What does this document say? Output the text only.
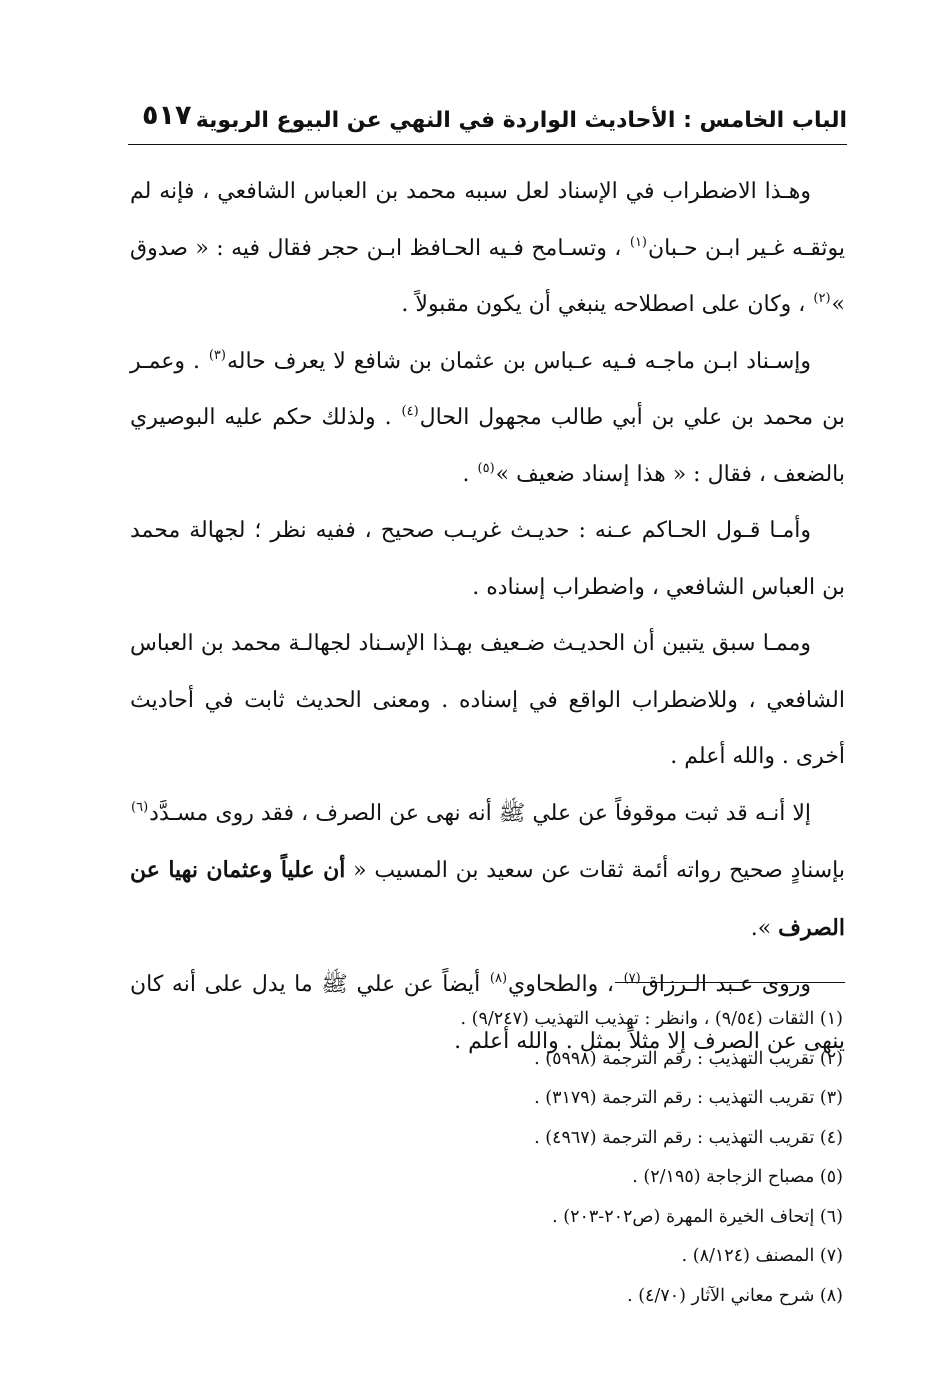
الباب الخامس : الأحاديث الواردة في النهي عن البيوع الربوية
٥١٧

وهـذا الاضطراب في الإسناد لعل سببه محمد بن العباس الشافعي ، فإنه لم يوثقـه غـير ابـن حـبان$^{(١)}$ ، وتسـامح فـيه الحـافظ ابـن حجر فقال فيه : « صدوق »$^{(٢)}$ ، وكان على اصطلاحه ينبغي أن يكون مقبولاً .

وإسـناد ابـن ماجـه فـيه عـباس بن عثمان بن شافع لا يعرف حاله$^{(٣)}$ . وعمـر بن محمد بن علي بن أبي طالب مجهول الحال$^{(٤)}$ . ولذلك حكم عليه البوصيري بالضعف ، فقال : « هذا إسناد ضعيف »$^{(٥)}$ .

وأمـا قـول الحـاكم عـنه : حديـث غريـب صحيح ، ففيه نظر ؛ لجهالة محمد بن العباس الشافعي ، واضطراب إسناده .

وممـا سبق يتبين أن الحديـث ضـعيف بهـذا الإسـناد لجهالـة محمد بن العباس الشافعي ، وللاضطراب الواقع في إسناده . ومعنى الحديث ثابت في أحاديث أخرى . والله أعلم .

إلا أنـه قد ثبت موقوفاً عن علي ﷺ أنه نهى عن الصرف ، فقد روى مسـدَّد$^{(٦)}$ بإسنادٍ صحيح رواته أئمة ثقات عن سعيد بن المسيب « أن علياً وعثمان نهيا عن الصرف ».

وروى عـبد الـرزاق$^{(٧)}$ ، والطحاوي$^{(٨)}$ أيضاً عن علي ﷺ ما يدل على أنه كان ينهى عن الصرف إلا مثلاً بمثل . والله أعلم .

(١) الثقات (٩/٥٤) ، وانظر : تهذيب التهذيب (٩/٢٤٧) .

(٢) تقريب التهذيب : رقم الترجمة (٥٩٩٨) .

(٣) تقريب التهذيب : رقم الترجمة (٣١٧٩) .

(٤) تقريب التهذيب : رقم الترجمة (٤٩٦٧) .

(٥) مصباح الزجاجة (٢/١٩٥) .

(٦) إتحاف الخيرة المهرة (ص٢٠٢-٢٠٣) .

(٧) المصنف (٨/١٢٤) .

(٨) شرح معاني الآثار (٤/٧٠) .
